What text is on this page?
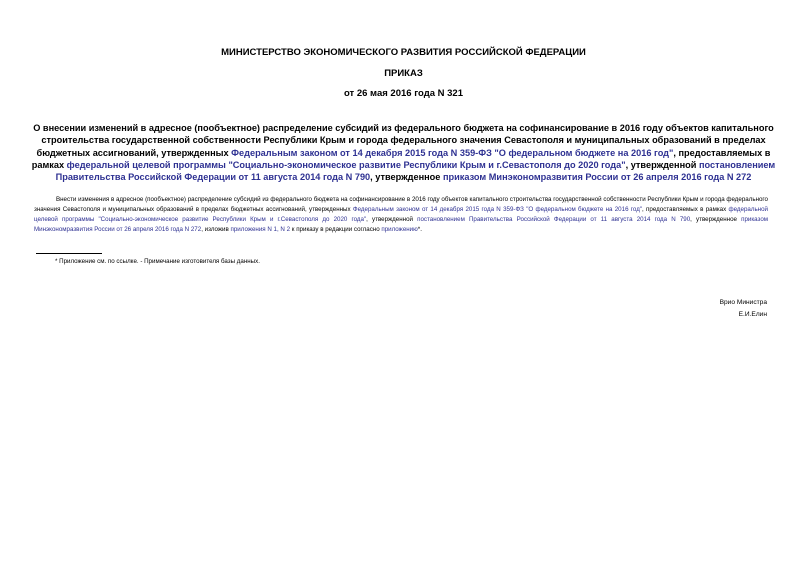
МИНИСТЕРСТВО ЭКОНОМИЧЕСКОГО РАЗВИТИЯ РОССИЙСКОЙ ФЕДЕРАЦИИ
ПРИКАЗ
от 26 мая 2016 года N 321
О внесении изменений в адресное (пообъектное) распределение субсидий из федерального бюджета на софинансирование в 2016 году объектов капитального строительства государственной собственности Республики Крым и города федерального значения Севастополя и муниципальных образований в пределах бюджетных ассигнований, утвержденных Федеральным законом от 14 декабря 2015 года N 359-ФЗ "О федеральном бюджете на 2016 год", предоставляемых в рамках федеральной целевой программы "Социально-экономическое развитие Республики Крым и г.Севастополя до 2020 года", утвержденной постановлением Правительства Российской Федерации от 11 августа 2014 года N 790, утвержденное приказом Минэкономразвития России от 26 апреля 2016 года N 272
Внести изменения в адресное (пообъектное) распределение субсидий из федерального бюджета на софинансирование в 2016 году объектов капитального строительства государственной собственности Республики Крым и города федерального значения Севастополя и муниципальных образований в пределах бюджетных ассигнований, утвержденных Федеральным законом от 14 декабря 2015 года N 359-ФЗ "О федеральном бюджете на 2016 год", предоставляемых в рамках федеральной целевой программы "Социально-экономическое развитие Республики Крым и г.Севастополя до 2020 года", утвержденной постановлением Правительства Российской Федерации от 11 августа 2014 года N 790, утвержденное приказом Минэкономразвития России от 26 апреля 2016 года N 272, изложив приложения N 1, N 2 к приказу в редакции согласно приложению*.
* Приложение см. по ссылке. - Примечание изготовителя базы данных.
Врио Министра
Е.И.Елин
